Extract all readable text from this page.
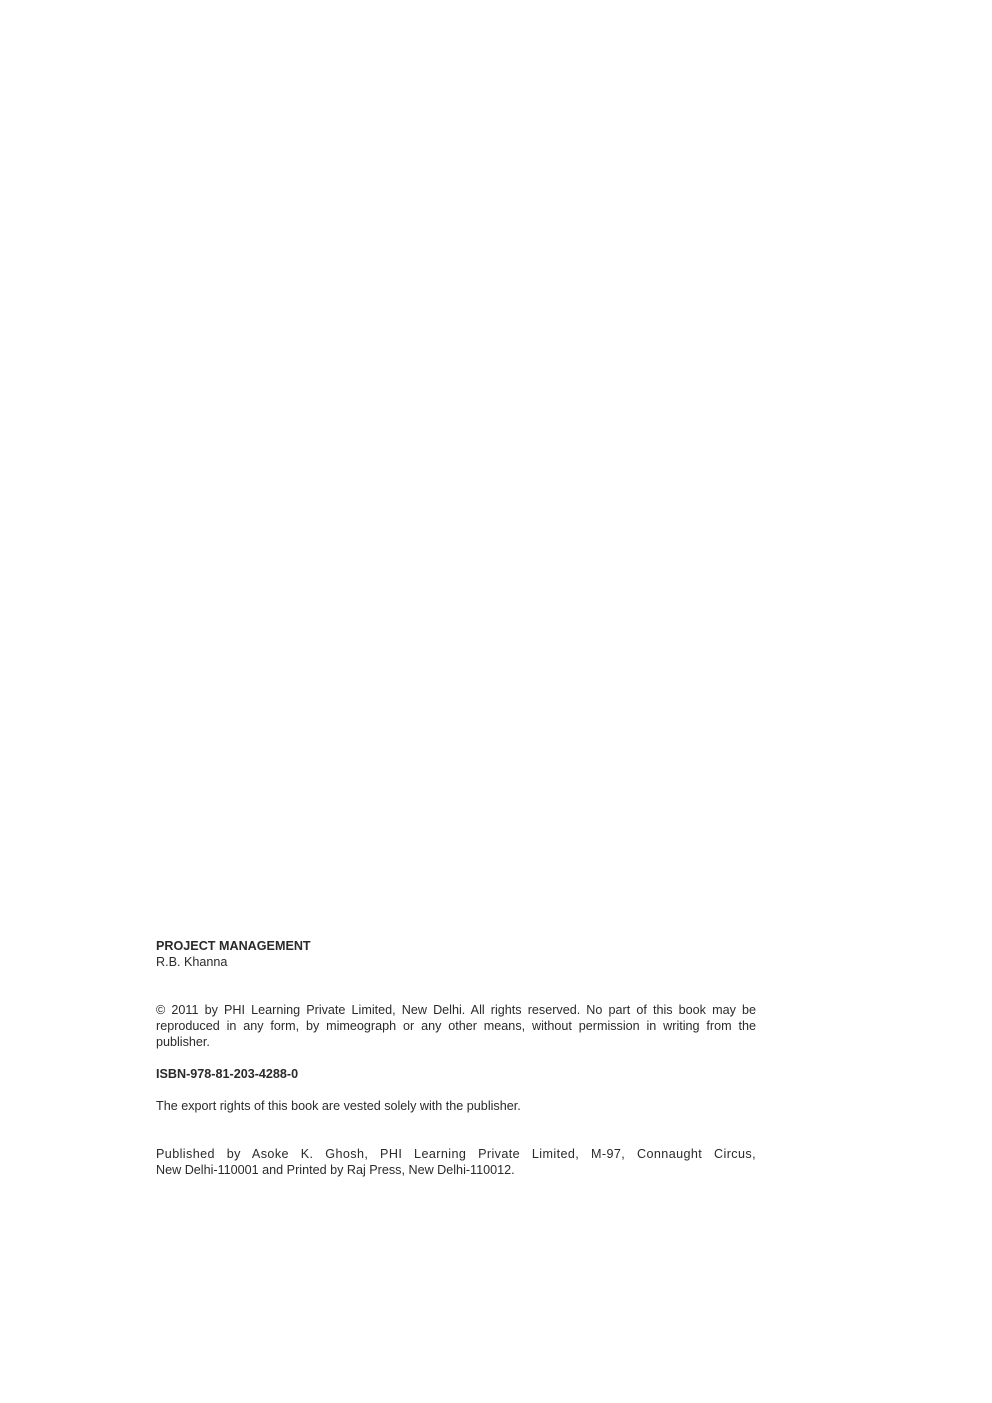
PROJECT MANAGEMENT

R.B. Khanna

© 2011 by PHI Learning Private Limited, New Delhi. All rights reserved. No part of this book may be reproduced in any form, by mimeograph or any other means, without permission in writing from the publisher.

ISBN-978-81-203-4288-0

The export rights of this book are vested solely with the publisher.

Published by Asoke K. Ghosh, PHI Learning Private Limited, M-97, Connaught Circus,
New Delhi-110001 and Printed by Raj Press, New Delhi-110012.
